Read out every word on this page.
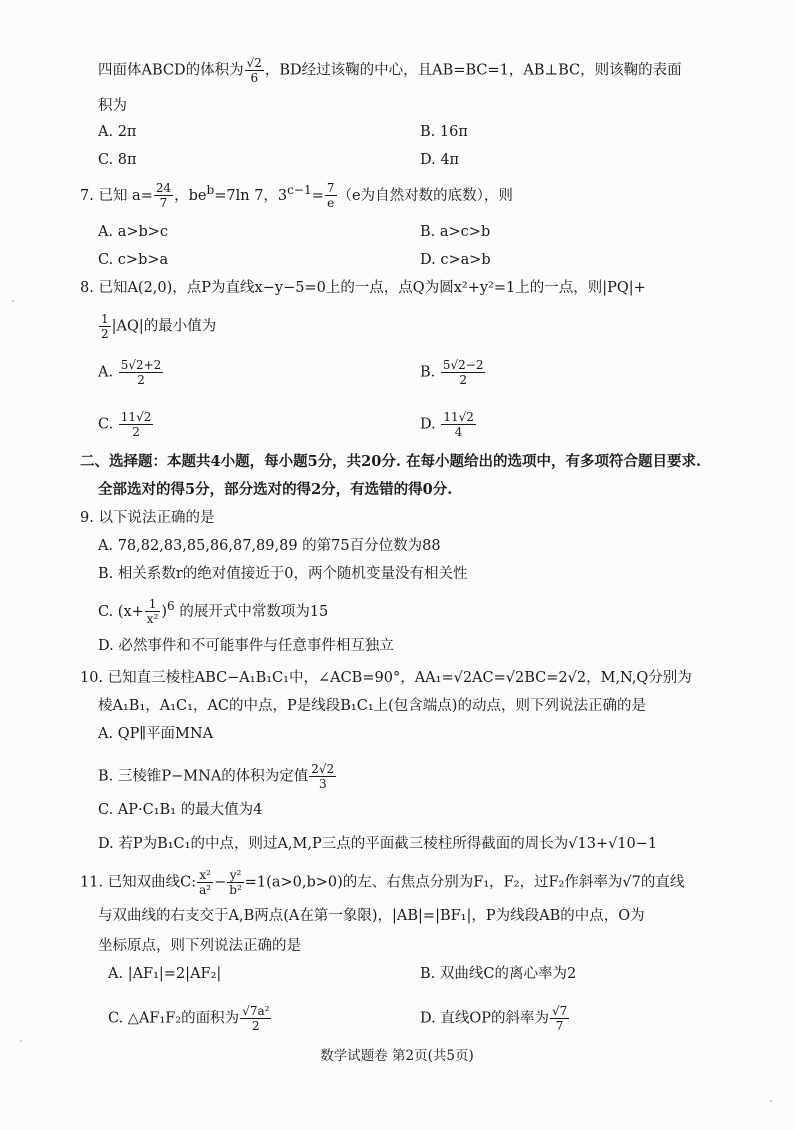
四面体ABCD的体积为 $\frac{√2}{6}$ ，BD经过该鞠的中心，且AB=BC=1，AB⊥BC，则该鞠的表面
积为
A. 2π	B. 16π
C. 8π	D. 4π
7. 已知 $a= \frac{24}{7}$ ，$be^b=7\ln$ 7，$3^{c-1}= \frac{7}{e} (e$为自然对数的底数），则
A. a>b>c	B. a>c>b
C. c>b>a	D. c>a>b
8. 已知A(2,0)，点P为直线x−y−5=0上的一点，点Q为圆x²+y²=1上的一点，则|PQ|+
$\frac{1}{2} |AQ|$的最小值为
A. $\frac{5√2+2}{2}$	B. $\frac{5√2-2}{2}$
C. $\frac{11√2}{2}$	D. $\frac{11√2}{4}$
二、选择题：本题共4小题，每小题5分，共20分. 在每小题给出的选项中，有多项符合题目要求.
全部选对的得5分，部分选对的得2分，有选错的得0分.
9. 以下说法正确的是
A. 78,82,83,85,86,87,89,89 的第75百分位数为88
B. 相关系数r的绝对值接近于0，两个随机变量没有相关性
C. $(x+ \frac{1}{\text{x²}} )^6$ 的展开式中常数项为15
D. 必然事件和不可能事件与任意事件相互独立
10. 已知直三棱柱ABC−A₁B₁C₁中，∠ACB=90°，AA₁=√2AC=√2BC=2√2，M,N,Q分别为
棱A₁B₁，A₁C₁，AC的中点，P是线段B₁C₁上(包含端点)的动点，则下列说法正确的是
A. QP∥平面MNA
B. 三棱锥P−MNA的体积为定值 $\frac{2√2}{3}$
C. AP·C₁B₁ 的最大值为4
D. 若P为B₁C₁的中点，则过A,M,P三点的平面截三棱柱所得截面的周长为√13+√10−1
11. 已知双曲线C: $\frac{\text{x²}}{\text{a²}} - \frac{\text{y²}}{\text{b²}} =1(a>0,b>0)$的左、右焦点分别为F₁，F₂，过F₂作斜率为√7的直线
与双曲线的右支交于A,B两点(A在第一象限)，|AB|=|BF₁|，P为线段AB的中点，O为
坐标原点，则下列说法正确的是
A. |AF₁|=2|AF₂|	B. 双曲线C的离心率为2
C. △AF₁F₂的面积为 $\frac{\text{√7a²}}{2}$	D. 直线OP的斜率为 $\frac{√7}{7}$
数学试题卷 第2页(共5页)
